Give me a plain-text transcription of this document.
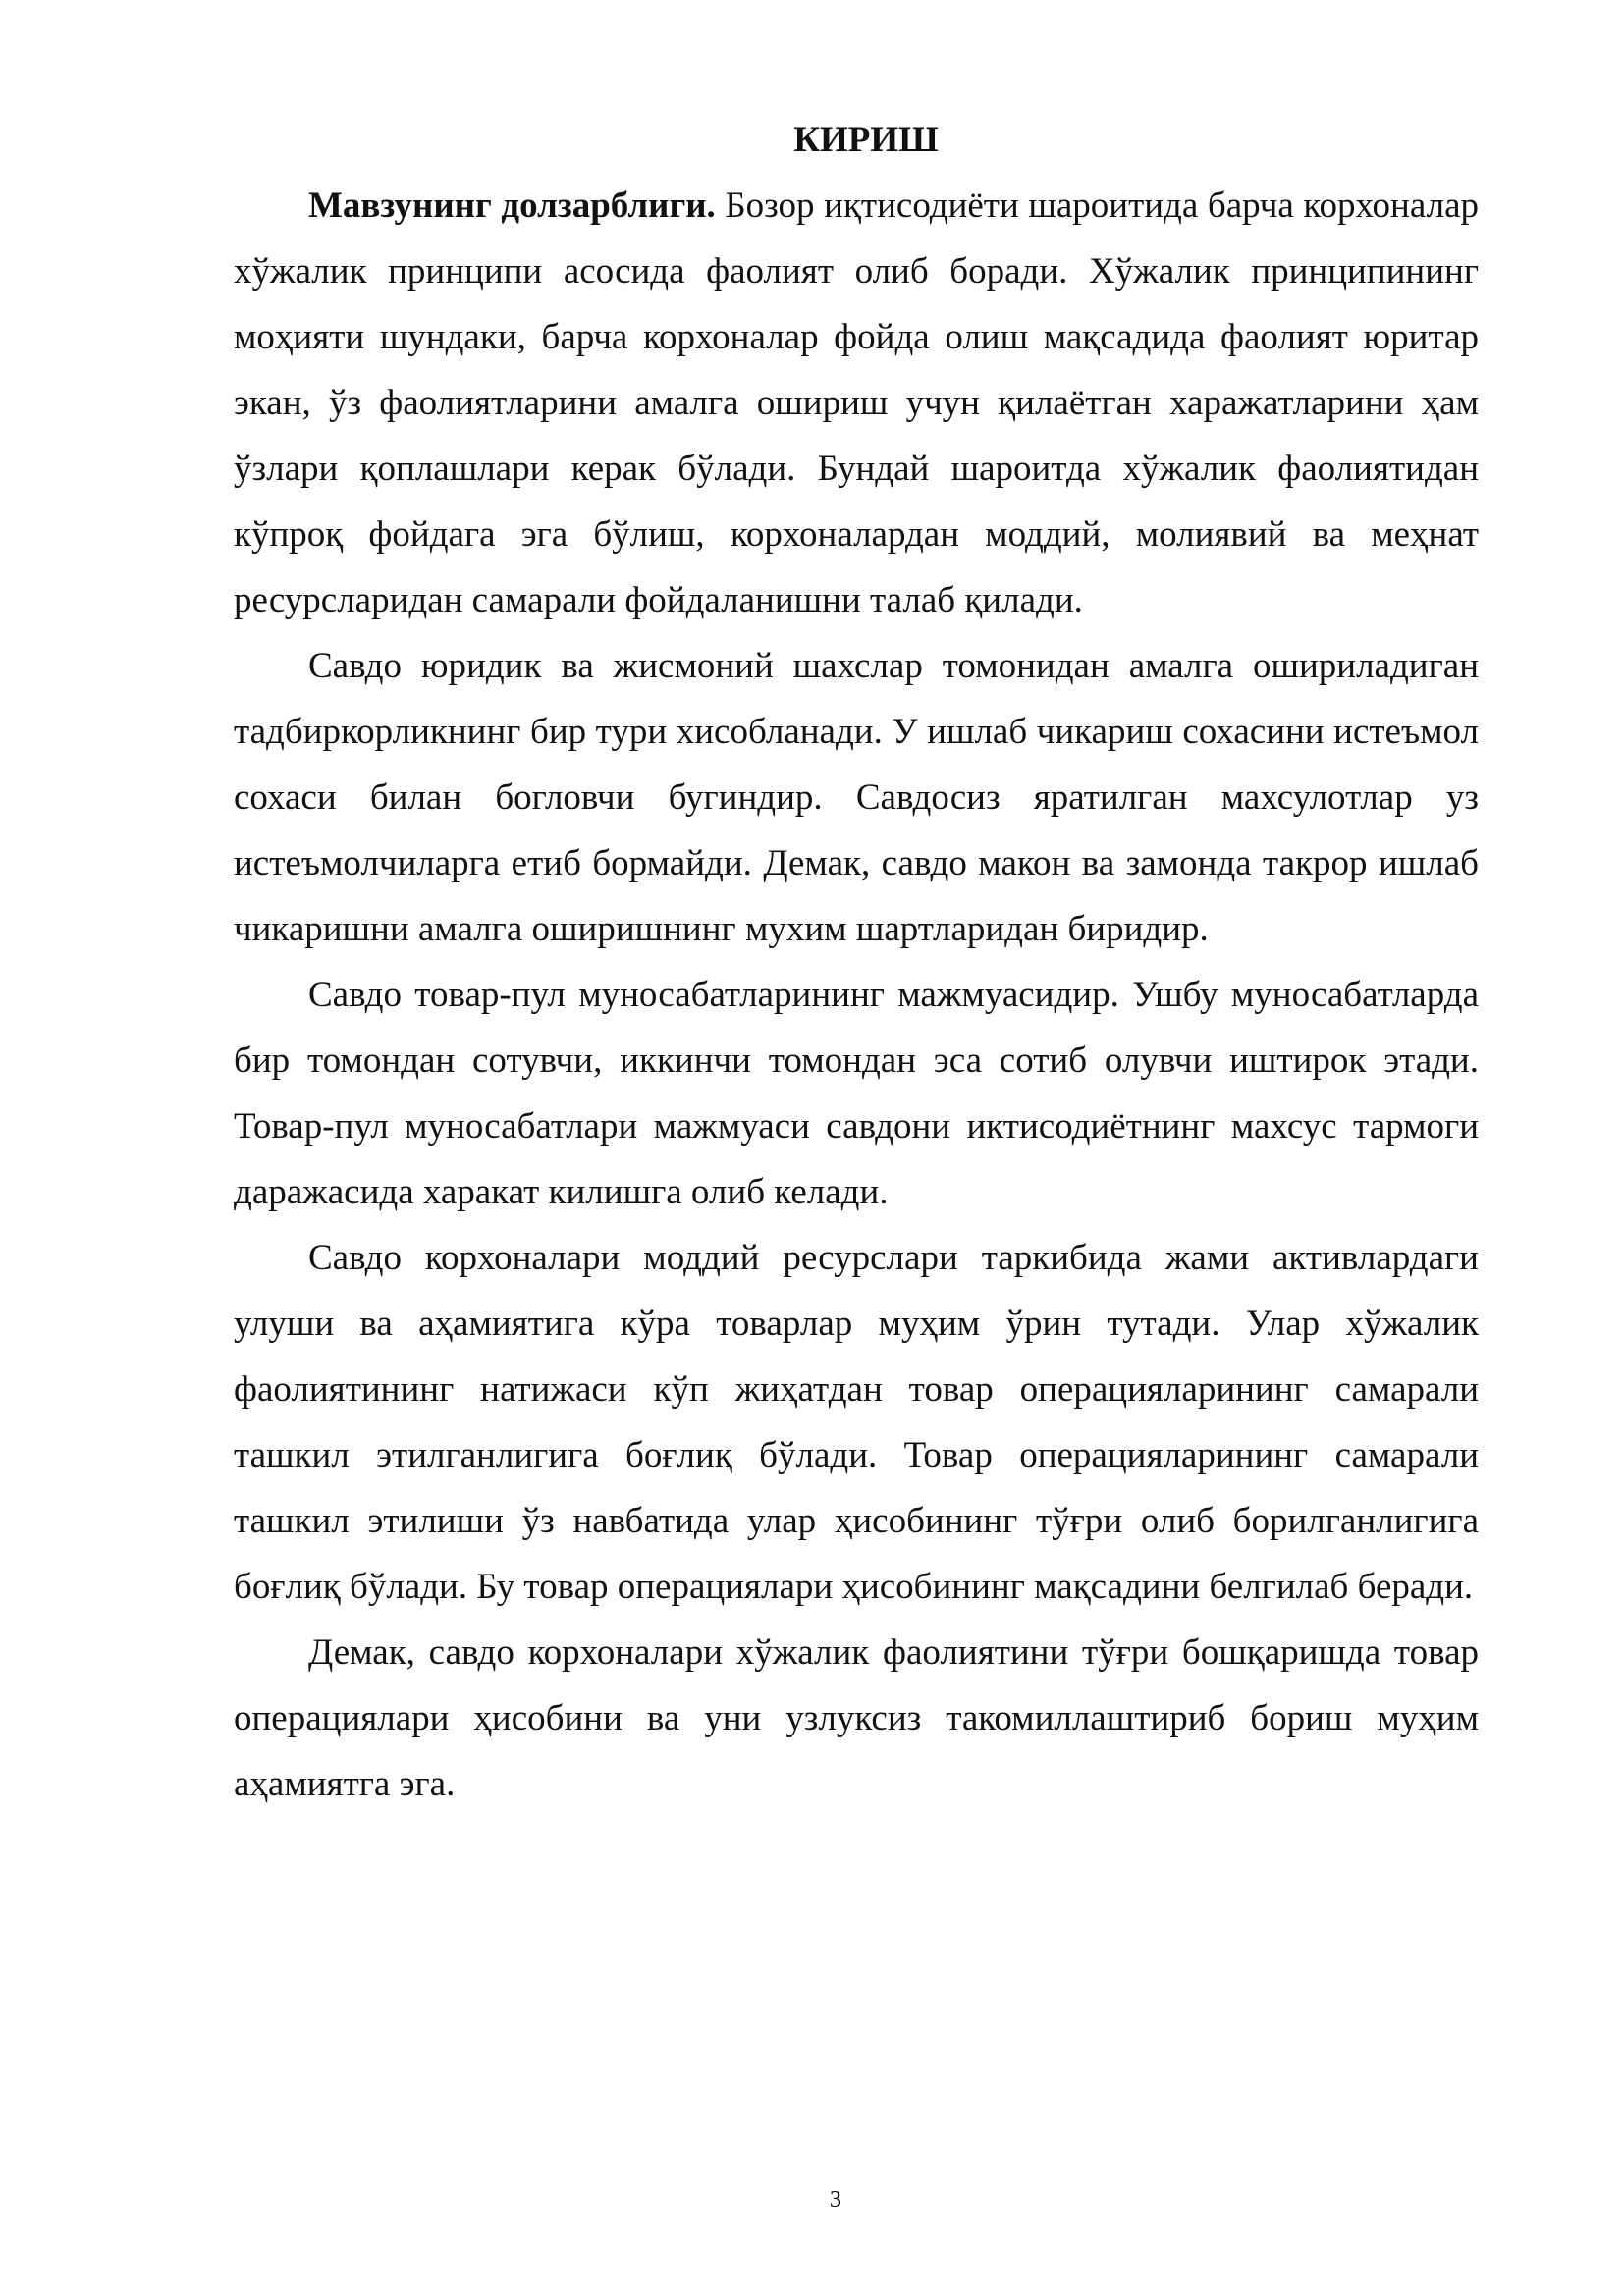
КИРИШ

Мавзунинг долзарблиги. Бозор иқтисодиёти шароитида барча корхоналар хўжалик принципи асосида фаолият олиб боради. Хўжалик принципининг моҳияти шундаки, барча корхоналар фойда олиш мақсадида фаолият юритар экан, ўз фаолиятларини амалга ошириш учун қилаётган харажатларини ҳам ўзлари қоплашлари керак бўлади. Бундай шароитда хўжалик фаолиятидан кўпроқ фойдага эга бўлиш, корхоналардан моддий, молиявий ва меҳнат ресурсларидан самарали фойдаланишни талаб қилади.

Савдо юридик ва жисмоний шахслар томонидан амалга ошириладиган тадбиркорликнинг бир тури хисобланади. У ишлаб чикариш сохасини истеъмол сохаси билан богловчи бугиндир. Савдосиз яратилган махсулотлар уз истеъмолчиларга етиб бормайди. Демак, савдо макон ва замонда такрор ишлаб чикаришни амалга оширишнинг мухим шартларидан биридир.

Савдо товар-пул муносабатларининг мажмуасидир. Ушбу муносабатларда бир томондан сотувчи, иккинчи томондан эса сотиб олувчи иштирок этади. Товар-пул муносабатлари мажмуаси савдони иктисодиётнинг махсус тармоги даражасида харакат килишга олиб келади.

Савдо корхоналари моддий ресурслари таркибида жами активлардаги улуши ва аҳамиятига кўра товарлар муҳим ўрин тутади. Улар хўжалик фаолиятининг натижаси кўп жиҳатдан товар операцияларининг самарали ташкил этилганлигига боғлиқ бўлади. Товар операцияларининг самарали ташкил этилиши ўз навбатида улар ҳисобининг тўғри олиб борилганлигига боғлиқ бўлади. Бу товар операциялари ҳисобининг мақсадини белгилаб беради.

Демак, савдо корхоналари хўжалик фаолиятини тўғри бошқаришда товар операциялари ҳисобини ва уни узлуксиз такомиллаштириб бориш муҳим аҳамиятга эга.

3
